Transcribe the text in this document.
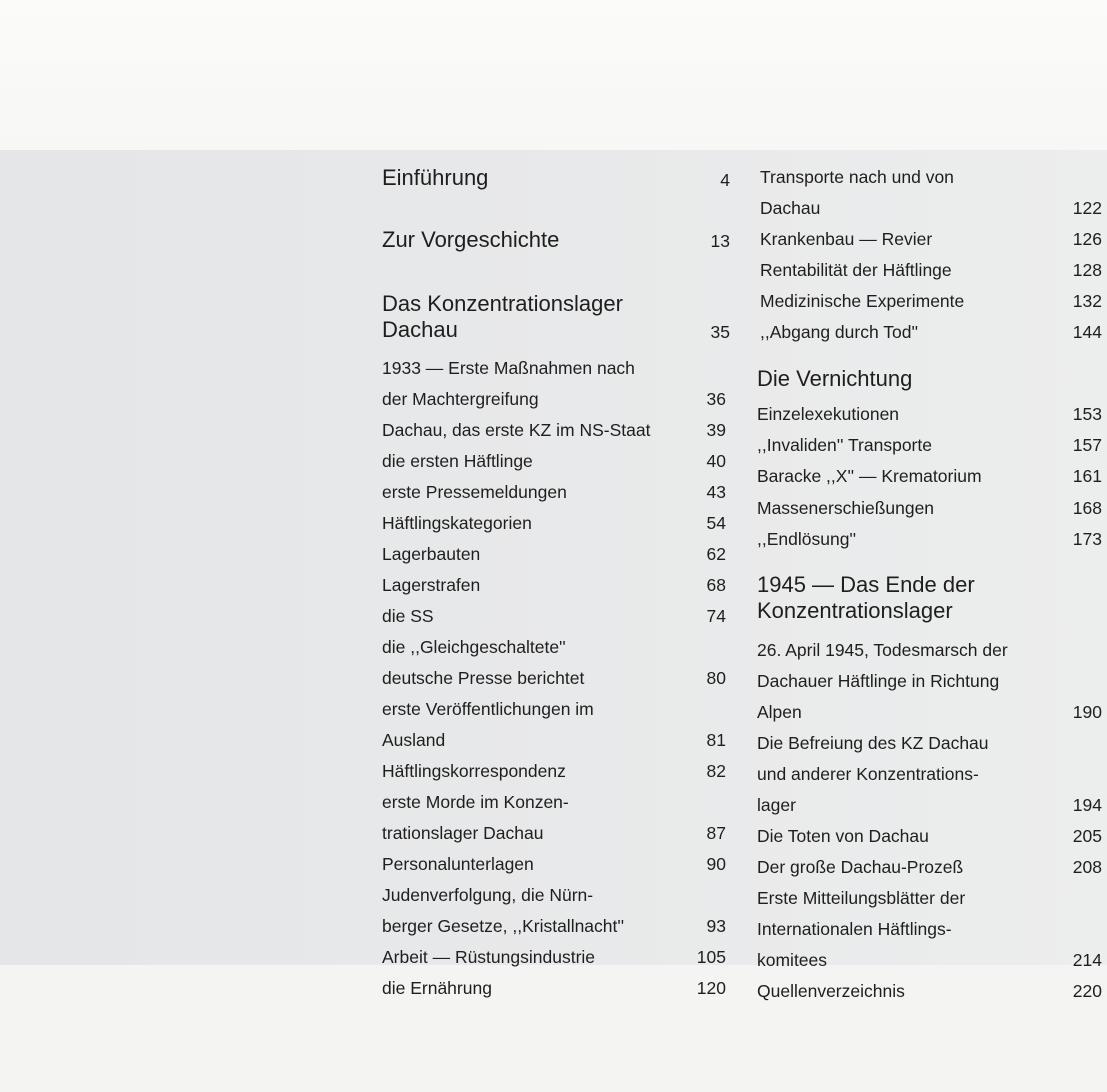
Einführung	4
Zur Vorgeschichte	13
Das Konzentrationslager
Dachau	35
1933 — Erste Maßnahmen nach
der Machtergreifung	36
Dachau, das erste KZ im NS-Staat	39
die ersten Häftlinge	40
erste Pressemeldungen	43
Häftlingskategorien	54
Lagerbauten	62
Lagerstrafen	68
die SS	74
die ,,Gleichgeschaltete''
deutsche Presse berichtet	80
erste Veröffentlichungen im
Ausland	81
Häftlingskorrespondenz	82
erste Morde im Konzen-
trationslager Dachau	87
Personalunterlagen	90
Judenverfolgung, die Nürn-
berger Gesetze, ,,Kristallnacht''	93
Arbeit — Rüstungsindustrie	105
die Ernährung	120
Transporte nach und von
Dachau	122
Krankenbau — Revier	126
Rentabilität der Häftlinge	128
Medizinische Experimente	132
,,Abgang durch Tod''	144
Die Vernichtung
Einzelexekutionen	153
,,Invaliden'' Transporte	157
Baracke ,,X'' — Krematorium	161
Massenerschießungen	168
,,Endlösung''	173
1945 — Das Ende der
Konzentrationslager
26. April 1945, Todesmarsch der
Dachauer Häftlinge in Richtung
Alpen	190
Die Befreiung des KZ Dachau
und anderer Konzentrations-
lager	194
Die Toten von Dachau	205
Der große Dachau-Prozeß	208
Erste Mitteilungsblätter der
Internationalen Häftlings-
komitees	214
Quellenverzeichnis	220
